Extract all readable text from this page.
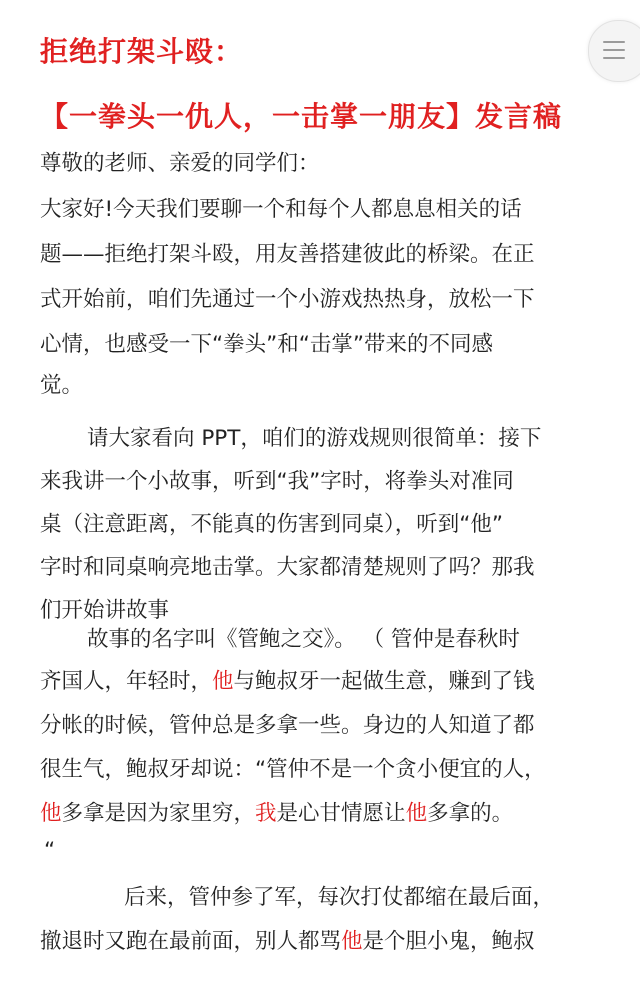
拒绝打架斗殴：
【一拳头一仇人，一击掌一朋友】发言稿
尊敬的老师、亲爱的同学们：
大家好!今天我们要聊一个和每个人都息息相关的话
题——拒绝打架斗殴，用友善搭建彼此的桥梁。在正
式开始前，咱们先通过一个小游戏热热身，放松一下
心情，也感受一下“拳头”和“击掌”带来的不同感
觉。
请大家看向 PPT，咱们的游戏规则很简单：接下
来我讲一个小故事，听到“我”字时，将拳头对准同
桌（注意距离，不能真的伤害到同桌），听到“他”
字时和同桌响亮地击掌。大家都清楚规则了吗？那我
们开始讲故事
故事的名字叫《管鲍之交》。 （ 管仲是春秋时
齐国人，年轻时，他与鲍叔牙一起做生意，赚到了钱
分帐的时候，管仲总是多拿一些。身边的人知道了都
很生气，鲍叔牙却说：“管仲不是一个贪小便宜的人，
他多拿是因为家里穷，我是心甘情愿让他多拿的。
“
后来，管仲参了军，每次打仗都缩在最后面，
撤退时又跑在最前面，别人都骂他是个胆小鬼，鲍叔
